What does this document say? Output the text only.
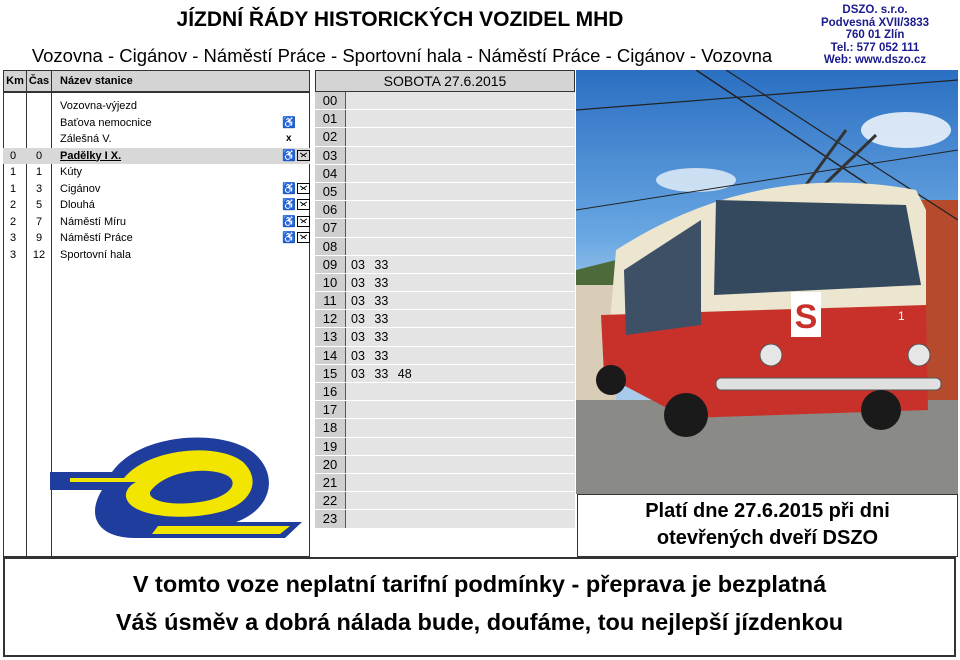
JÍZDNÍ ŘÁDY HISTORICKÝCH VOZIDEL MHD
Vozovna - Cigánov - Náměstí Práce - Sportovní hala - Náměstí Práce - Cigánov - Vozovna
DSZO. s.r.o.
Podvesná XVII/3833
760 01 Zlín
Tel.: 577 052 111
Web: www.dszo.cz
Km Čas Název stanice	SOBOTA 27.6.2015
Vozovna-výjezd
Baťova nemocnice	♿
Zálešná V.	x
0	0	Padělky I X.	♿
1	1	Kúty
1	3	Cigánov	♿
2	5	Dlouhá	♿
2	7	Náměstí Míru	♿
3	9	Náměstí Práce	♿
3	12	Sportovní hala
00
01
02
03
04
05
06
07
08
09	03 33
10	03 33
11	03 33
12	03 33
13	03 33
14	03 33
15	03 33 48
16
17
18
19
20
21
22
23
S	1
Platí dne 27.6.2015 při dni
otevřených dveří DSZO
V tomto voze neplatní tarifní podmínky - přeprava je bezplatná
Váš úsměv a dobrá nálada bude, doufáme, tou nejlepší jízdenkou
